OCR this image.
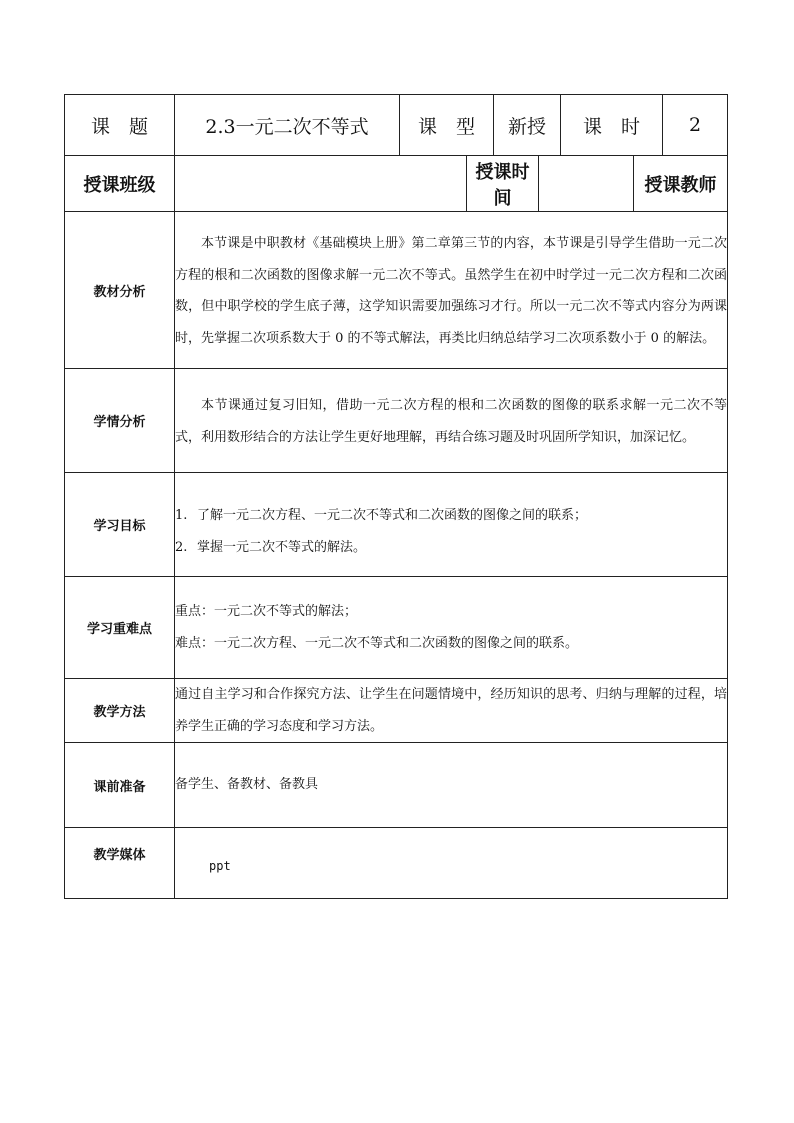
课　题	2.3一元二次不等式	课　型		新授		课　时		2
授课班级			授课时间				授课教师	
教材分析	本节课是中职教材《基础模块上册》第二章第三节的内容，本节课是引导学生借助一元二次方程的根和二次函数的图像求解一元二次不等式。虽然学生在初中时学过一元二次方程和二次函数，但中职学校的学生底子薄，这学知识需要加强练习才行。所以一元二次不等式内容分为两课时，先掌握二次项系数大于 0 的不等式解法，再类比归纳总结学习二次项系数小于 0 的解法。							

学情分析	本节课通过复习旧知，借助一元二次方程的根和二次函数的图像的联系求解一元二次不等式，利用数形结合的方法让学生更好地理解，再结合练习题及时巩固所学知识，加深记忆。							

学习目标	1. 了解一元二次方程、一元二次不等式和二次函数的图像之间的联系；
2. 掌握一元二次不等式的解法。							

学习重难点	重点：一元二次不等式的解法；
难点：一元二次方程、一元二次不等式和二次函数的图像之间的联系。							

教学方法	通过自主学习和合作探究方法、让学生在问题情境中，经历知识的思考、归纳与理解的过程，培养学生正确的学习态度和学习方法。							

课前准备	备学生、备教材、备教具							

教学媒体	ppt							
